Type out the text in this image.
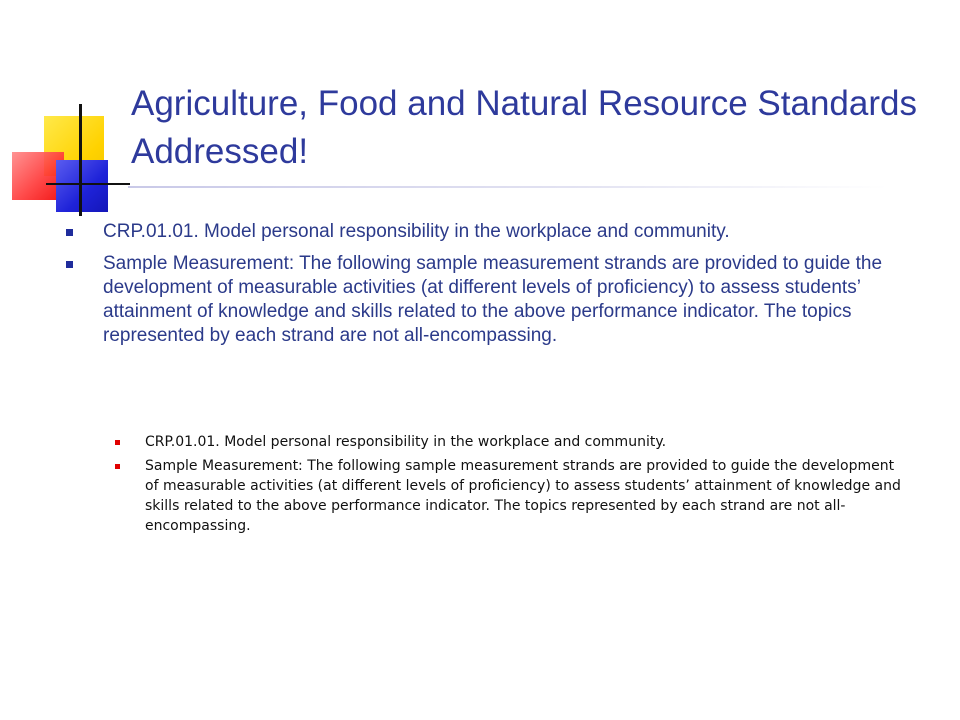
Agriculture, Food and Natural Resource Standards Addressed!
CRP.01.01. Model personal responsibility in the workplace and community.
Sample Measurement: The following sample measurement strands are provided to guide the development of measurable activities (at different levels of proficiency) to assess students’ attainment of knowledge and skills related to the above performance indicator. The topics represented by each strand are not all-encompassing.
CRP.01.01. Model personal responsibility in the workplace and community.
Sample Measurement: The following sample measurement strands are provided to guide the development of measurable activities (at different levels of proficiency) to assess students’ attainment of knowledge and skills related to the above performance indicator. The topics represented by each strand are not all-encompassing.
